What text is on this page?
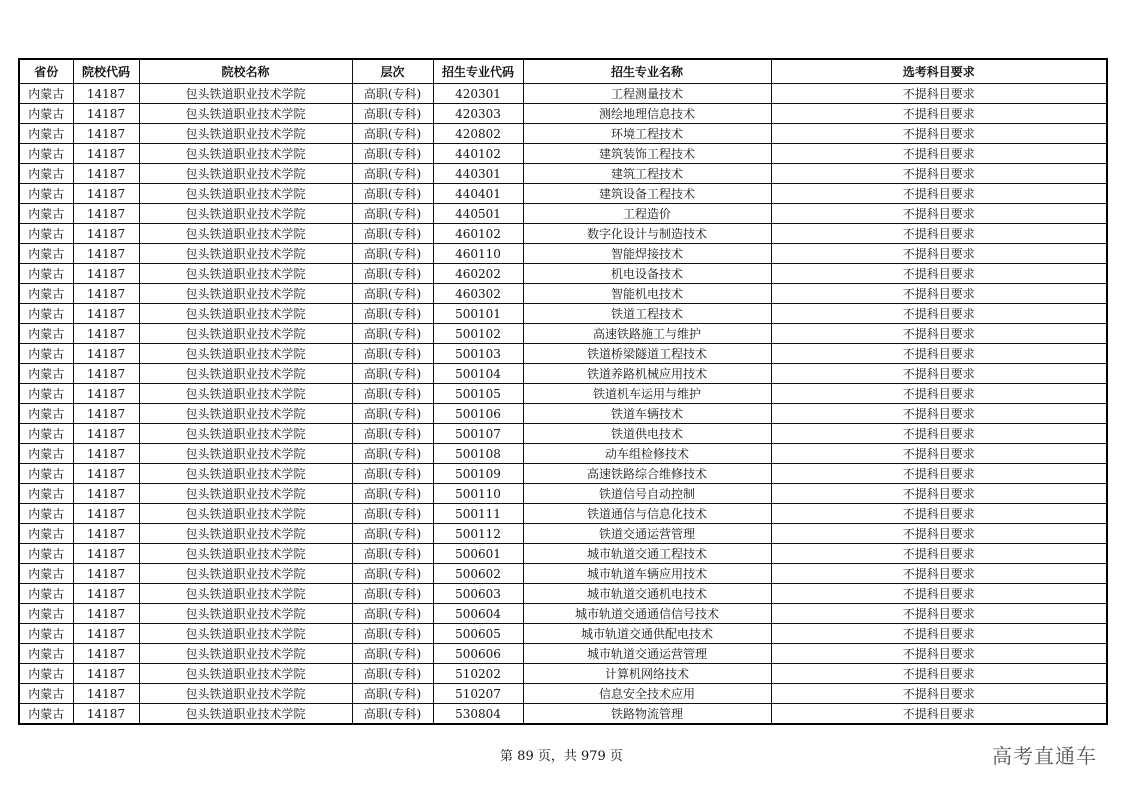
省份	院校代码	院校名称	层次	招生专业代码	招生专业名称	选考科目要求
内蒙古	14187	包头铁道职业技术学院	高职(专科)	420301	工程测量技术	不提科目要求
内蒙古	14187	包头铁道职业技术学院	高职(专科)	420303	测绘地理信息技术	不提科目要求
内蒙古	14187	包头铁道职业技术学院	高职(专科)	420802	环境工程技术	不提科目要求
内蒙古	14187	包头铁道职业技术学院	高职(专科)	440102	建筑装饰工程技术	不提科目要求
内蒙古	14187	包头铁道职业技术学院	高职(专科)	440301	建筑工程技术	不提科目要求
内蒙古	14187	包头铁道职业技术学院	高职(专科)	440401	建筑设备工程技术	不提科目要求
内蒙古	14187	包头铁道职业技术学院	高职(专科)	440501	工程造价	不提科目要求
内蒙古	14187	包头铁道职业技术学院	高职(专科)	460102	数字化设计与制造技术	不提科目要求
内蒙古	14187	包头铁道职业技术学院	高职(专科)	460110	智能焊接技术	不提科目要求
内蒙古	14187	包头铁道职业技术学院	高职(专科)	460202	机电设备技术	不提科目要求
内蒙古	14187	包头铁道职业技术学院	高职(专科)	460302	智能机电技术	不提科目要求
内蒙古	14187	包头铁道职业技术学院	高职(专科)	500101	铁道工程技术	不提科目要求
内蒙古	14187	包头铁道职业技术学院	高职(专科)	500102	高速铁路施工与维护	不提科目要求
内蒙古	14187	包头铁道职业技术学院	高职(专科)	500103	铁道桥梁隧道工程技术	不提科目要求
内蒙古	14187	包头铁道职业技术学院	高职(专科)	500104	铁道养路机械应用技术	不提科目要求
内蒙古	14187	包头铁道职业技术学院	高职(专科)	500105	铁道机车运用与维护	不提科目要求
内蒙古	14187	包头铁道职业技术学院	高职(专科)	500106	铁道车辆技术	不提科目要求
内蒙古	14187	包头铁道职业技术学院	高职(专科)	500107	铁道供电技术	不提科目要求
内蒙古	14187	包头铁道职业技术学院	高职(专科)	500108	动车组检修技术	不提科目要求
内蒙古	14187	包头铁道职业技术学院	高职(专科)	500109	高速铁路综合维修技术	不提科目要求
内蒙古	14187	包头铁道职业技术学院	高职(专科)	500110	铁道信号自动控制	不提科目要求
内蒙古	14187	包头铁道职业技术学院	高职(专科)	500111	铁道通信与信息化技术	不提科目要求
内蒙古	14187	包头铁道职业技术学院	高职(专科)	500112	铁道交通运营管理	不提科目要求
内蒙古	14187	包头铁道职业技术学院	高职(专科)	500601	城市轨道交通工程技术	不提科目要求
内蒙古	14187	包头铁道职业技术学院	高职(专科)	500602	城市轨道车辆应用技术	不提科目要求
内蒙古	14187	包头铁道职业技术学院	高职(专科)	500603	城市轨道交通机电技术	不提科目要求
内蒙古	14187	包头铁道职业技术学院	高职(专科)	500604	城市轨道交通通信信号技术	不提科目要求
内蒙古	14187	包头铁道职业技术学院	高职(专科)	500605	城市轨道交通供配电技术	不提科目要求
内蒙古	14187	包头铁道职业技术学院	高职(专科)	500606	城市轨道交通运营管理	不提科目要求
内蒙古	14187	包头铁道职业技术学院	高职(专科)	510202	计算机网络技术	不提科目要求
内蒙古	14187	包头铁道职业技术学院	高职(专科)	510207	信息安全技术应用	不提科目要求
内蒙古	14187	包头铁道职业技术学院	高职(专科)	530804	铁路物流管理	不提科目要求
第 89 页，共 979 页	高考直通车
